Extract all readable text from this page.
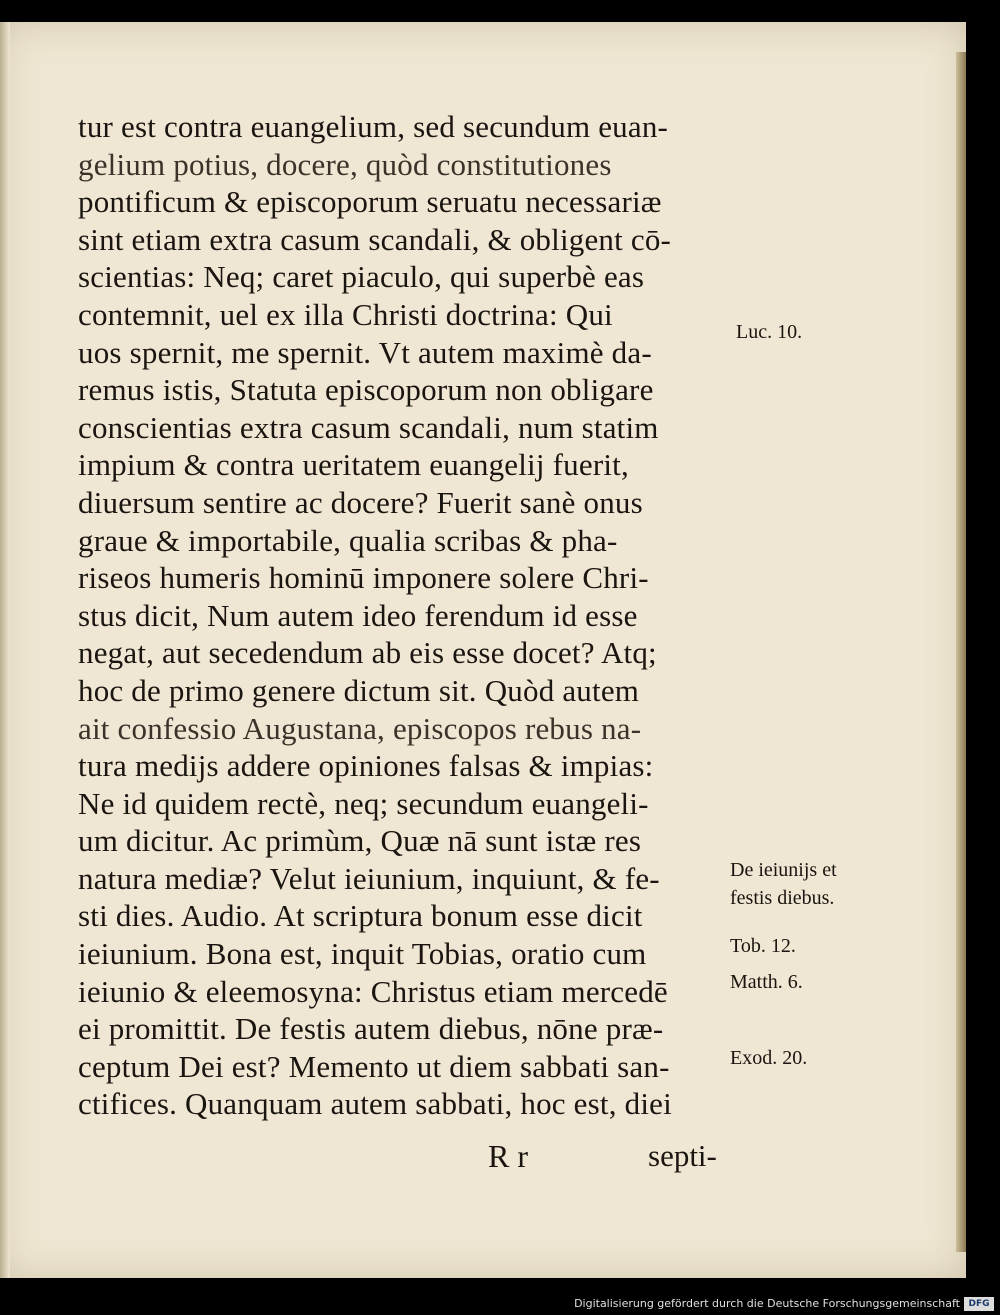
tur est contra euangelium, sed secundum euan-
gelium potius, docere, quòd constitutiones
pontificum & episcoporum seruatu necessariæ
sint etiam extra casum scandali, & obligent cō-
scientias: Neq; caret piaculo, qui superbè eas
contemnit, uel ex illa Christi doctrina: Qui
uos spernit, me spernit. Vt autem maximè da-
remus istis, Statuta episcoporum non obligare
conscientias extra casum scandali, num statim
impium & contra ueritatem euangelij fuerit,
diuersum sentire ac docere? Fuerit sanè onus
graue & importabile, qualia scribas & pha-
riseos humeris hominū imponere solere Chri-
stus dicit, Num autem ideo ferendum id esse
negat, aut secedendum ab eis esse docet? Atq;
hoc de primo genere dictum sit. Quòd autem
ait confessio Augustana, episcopos rebus na-
tura medijs addere opiniones falsas & impias:
Ne id quidem rectè, neq; secundum euangeli-
um dicitur. Ac primùm, Quæ nā sunt istæ res
natura mediæ? Velut ieiunium, inquiunt, & fe-
sti dies. Audio. At scriptura bonum esse dicit
ieiunium. Bona est, inquit Tobias, oratio cum
ieiunio & eleemosyna: Christus etiam mercedē
ei promittit. De festis autem diebus, nōne præ-
ceptum Dei est? Memento ut diem sabbati san-
ctifices. Quanquam autem sabbati, hoc est, diei
Luc. 10.
De ieiunijs et
festis diebus.
Tob. 12.
Matth. 6.
Exod. 20.
R r	septi-
Digitalisierung gefördert durch die Deutsche Forschungsgemeinschaft DFG
